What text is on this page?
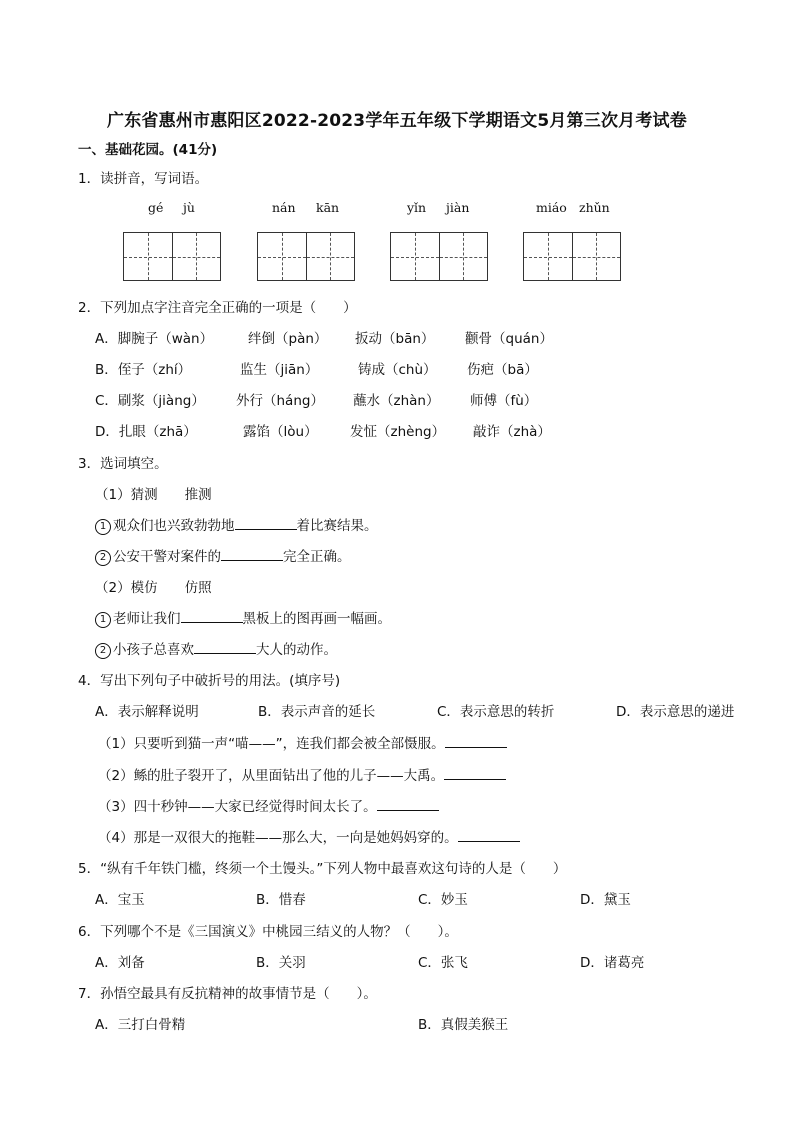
广东省惠州市惠阳区2022-2023学年五年级下学期语文5月第三次月考试卷
一、基础花园。(41分)
1．读拼音，写词语。
gé jù	nán kān	yǐn jiàn	miáo zhǔn
2．下列加点字注音完全正确的一项是（　　）
A．脚腕子（wàn）	绊倒（pàn） 扳动（bān） 颧骨（quán）
B．侄子（zhí）	监生（jiān）	铸成（chù） 伤疤（bā）
C．刷浆（jiàng） 外行（háng） 蘸水（zhàn） 师傅（fù）
D．扎眼（zhā）	露馅（lòu） 发怔（zhèng） 敲诈（zhà）
3．选词填空。
（1）猜测　　推测
1 观众们也兴致勃勃地	着比赛结果。
2 公安干警对案件的	完全正确。
（2）模仿　　仿照
1 老师让我们	黑板上的图再画一幅画。
2 小孩子总喜欢	大人的动作。
4．写出下列句子中破折号的用法。(填序号)
A．表示解释说明	B．表示声音的延长	C．表示意思的转折	D．表示意思的递进
（1）只要听到猫一声“喵——”，连我们都会被全部慑服。
（2）鲧的肚子裂开了，从里面钻出了他的儿子——大禹。
（3）四十秒钟——大家已经觉得时间太长了。
（4）那是一双很大的拖鞋——那么大，一向是她妈妈穿的。
5．“纵有千年铁门槛，终须一个土馒头。”下列人物中最喜欢这句诗的人是（　　）
A．宝玉	B．惜春	C．妙玉	D．黛玉
6．下列哪个不是《三国演义》中桃园三结义的人物？（　　）。
A．刘备	B．关羽	C．张飞	D．诸葛亮
7．孙悟空最具有反抗精神的故事情节是（　　）。
A．三打白骨精	B．真假美猴王
